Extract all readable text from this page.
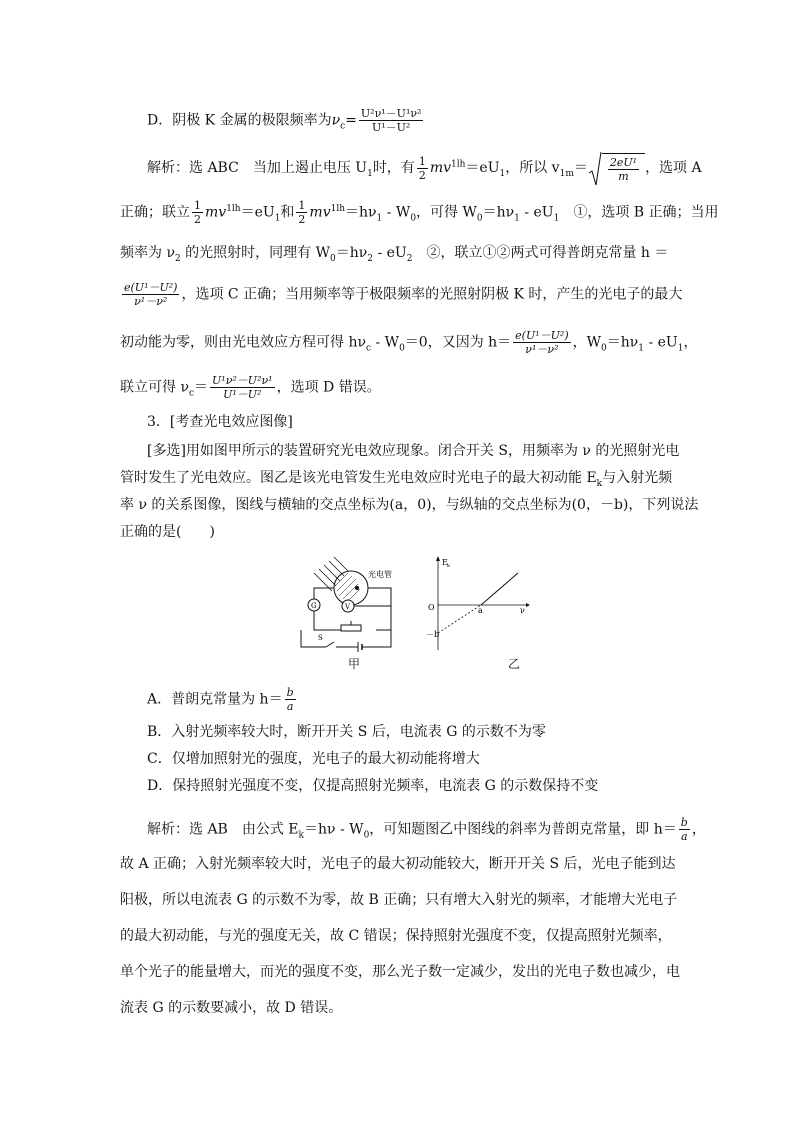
D．阴极 K 金属的极限频率为$\nu_c= \frac{\text{U²ν¹－U¹ν²}}{\text{U¹－U²}}$
解析：选 ABC　当加上遏止电压 $U_1$时，有 $\frac{1}{2} mv^{1lh}=eU_1$，所以 $v_{1m}= \frac{\text{2eU¹}}{m}$ ，选项 A
正确；联立 $\frac{1}{2} mv^{1lh}=eU_1$和 $\frac{1}{2} mv^{1lh}=h\nu_1 - W_0$，可得 $W_0=h\nu_1 - eU_1$　①，选项 B 正确；当用
频率为 $\nu_2$ 的光照射时，同理有 $W_0=h\nu_2 - eU_2$　②，联立①②两式可得普朗克常量 h ＝
$\frac{\text{e(U¹－U²)}}{\text{ν¹－ν²}}$ ，选项 C 正确；当用频率等于极限频率的光照射阴极 K 时，产生的光电子的最大
初动能为零，则由光电效应方程可得 $h\nu_c - W_0=0$，又因为 $h= \frac{\text{e(U¹－U²)}}{\text{ν¹－ν²}}$ ，$W_0=h\nu_1 - eU_1$，
联立可得 $\nu_c= \frac{\text{U¹ν²－U²ν¹}}{\text{U¹－U²}}$ ，选项 D 错误。
3．[考查光电效应图像]
[多选]用如图甲所示的装置研究光电效应现象。闭合开关 S，用频率为 ν 的光照射光电
管时发生了光电效应。图乙是该光电管发生光电效应时光电子的最大初动能 $E_k$与入射光频
率 ν 的关系图像，图线与横轴的交点坐标为(a，0)，与纵轴的交点坐标为(0，－b)，下列说法
正确的是(　　)
G	V
光电管
S
甲
E k
ν
O	a
－b
乙
A．普朗克常量为 $h= \frac{b}{a}$
B．入射光频率较大时，断开开关 S 后，电流表 G 的示数不为零
C．仅增加照射光的强度，光电子的最大初动能将增大
D．保持照射光强度不变，仅提高照射光频率，电流表 G 的示数保持不变
解析：选 AB　由公式 $E_k=h\nu - W_0$，可知题图乙中图线的斜率为普朗克常量，即 $h= \frac{b}{a}$ ，
故 A 正确；入射光频率较大时，光电子的最大初动能较大，断开开关 S 后，光电子能到达
阳极，所以电流表 G 的示数不为零，故 B 正确；只有增大入射光的频率，才能增大光电子
的最大初动能，与光的强度无关，故 C 错误；保持照射光强度不变，仅提高照射光频率，
单个光子的能量增大，而光的强度不变，那么光子数一定减少，发出的光电子数也减少，电
流表 G 的示数要减小，故 D 错误。
